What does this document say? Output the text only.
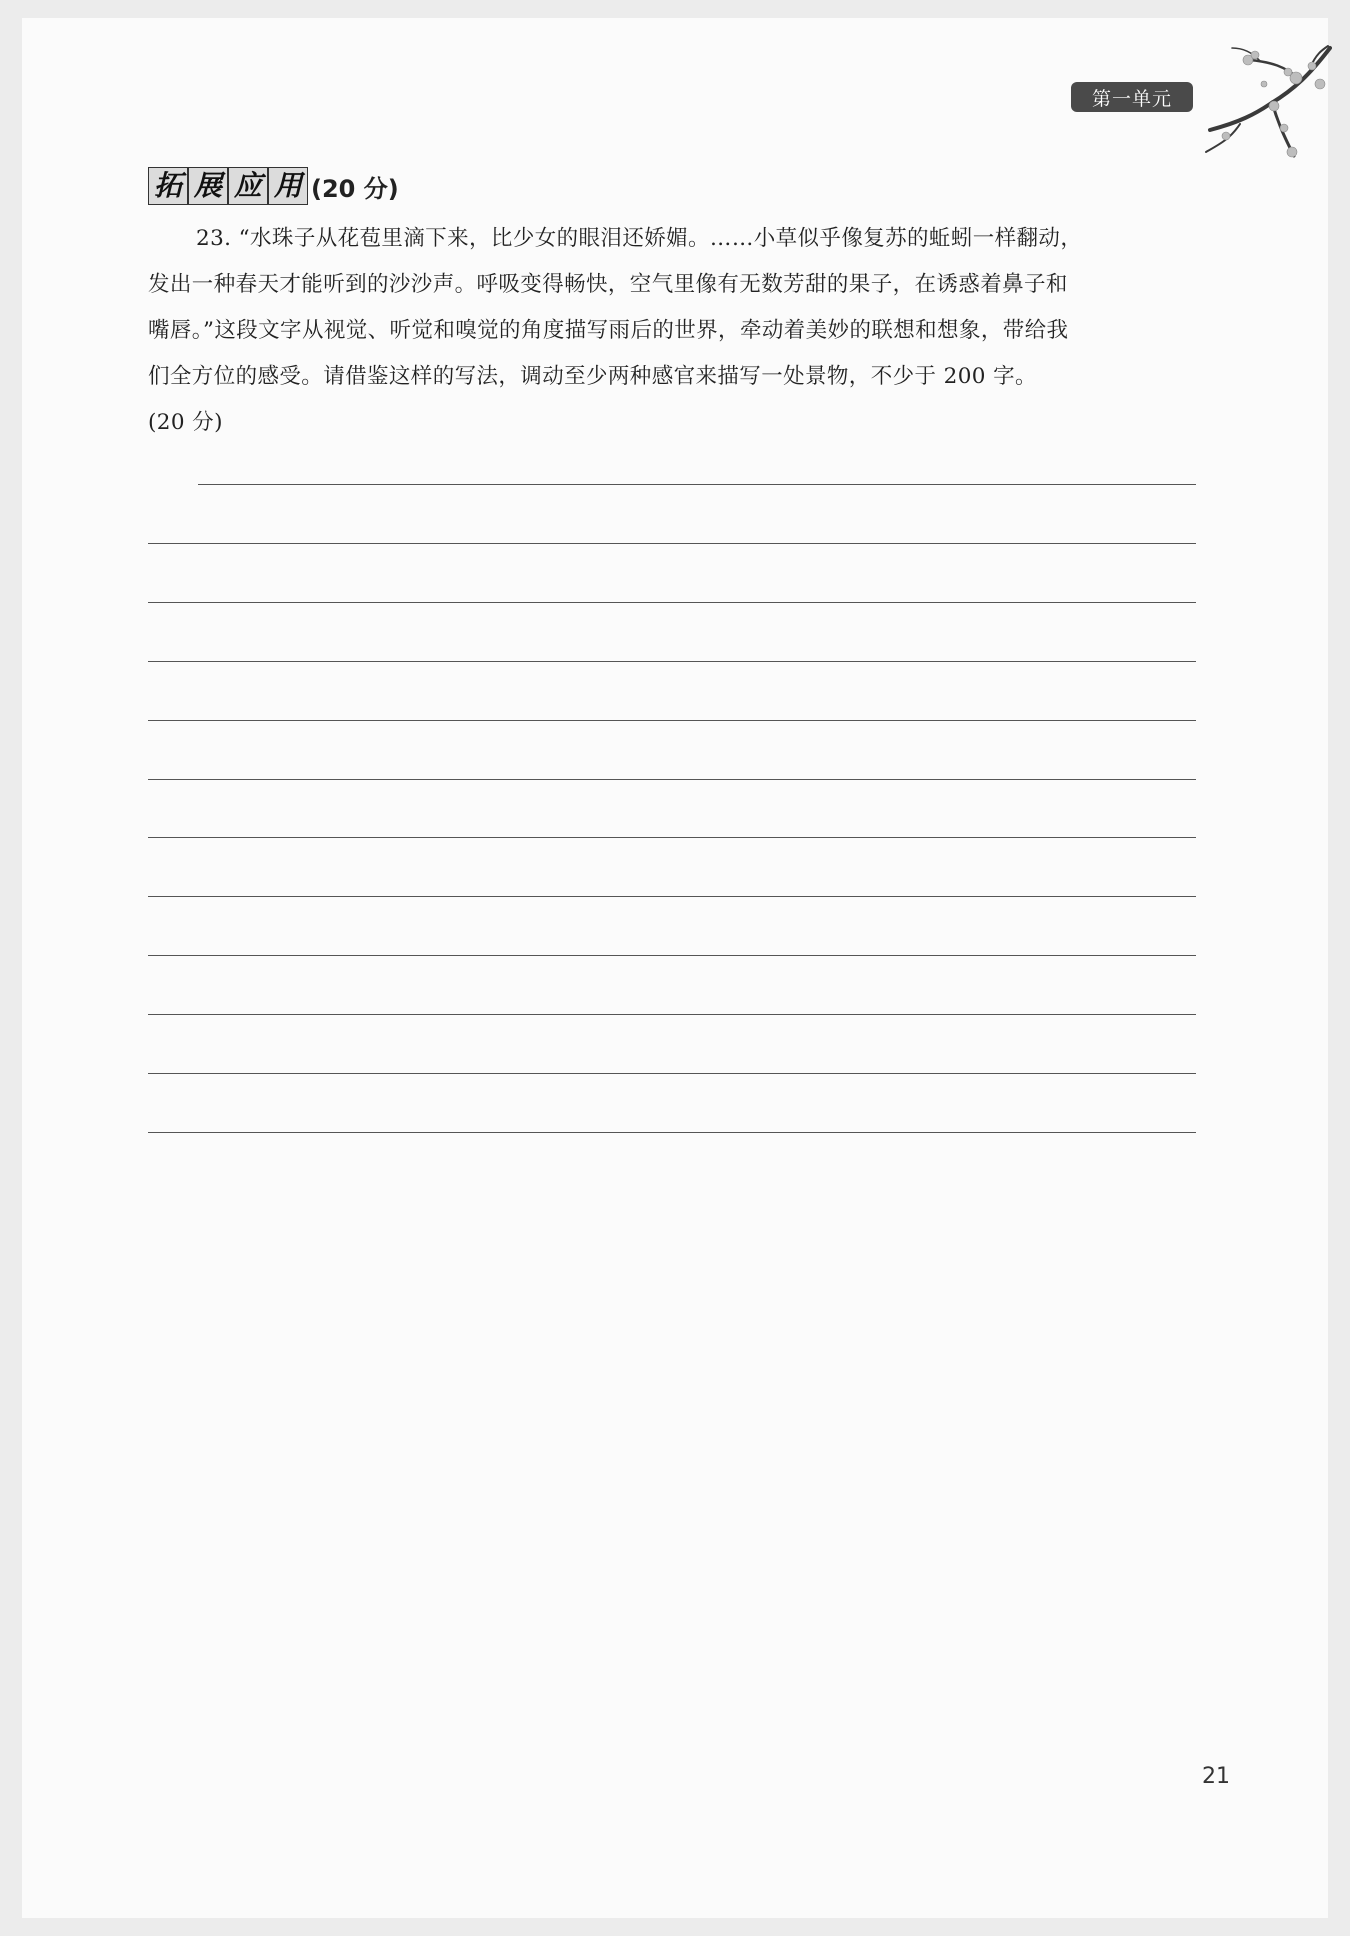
第一单元
拓 展 应 用 (20 分)
23. “水珠子从花苞里滴下来，比少女的眼泪还娇媚。……小草似乎像复苏的蚯蚓一样翻动，
发出一种春天才能听到的沙沙声。呼吸变得畅快，空气里像有无数芳甜的果子，在诱惑着鼻子和
嘴唇。”这段文字从视觉、听觉和嗅觉的角度描写雨后的世界，牵动着美妙的联想和想象，带给我
们全方位的感受。请借鉴这样的写法，调动至少两种感官来描写一处景物，不少于 200 字。
(20 分)
21
